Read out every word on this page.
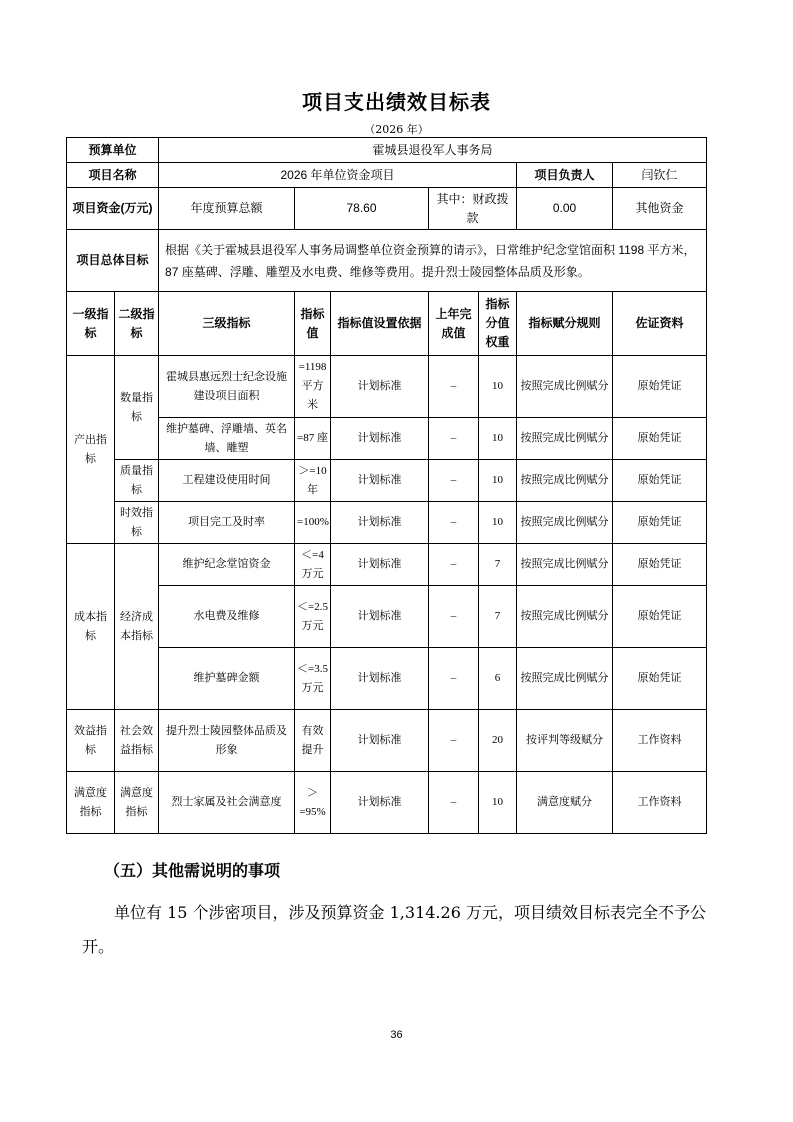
项目支出绩效目标表
（2026 年）
预算单位		霍城县退役军人事务局						
项目名称		2026 年单位资金项目					项目负责人	闫钦仁
项目资金(万元)		年度预算总额	78.60		其中：财政拨款		0.00	其他资金
项目总体目标		根据《关于霍城县退役军人事务局调整单位资金预算的请示》，日常维护纪念堂馆面积 1198 平方米，87 座墓碑、浮雕、雕塑及水电费、维修等费用。提升烈士陵园整体品质及形象。						
一级指标	二级指标	三级指标	指标值	指标值设置依据	上年完成值	指标分值权重	指标赋分规则	佐证资料
产出指标	数量指标	霍城县惠远烈士纪念设施建设项目面积	=1198平方米	计划标准	–	10	按照完成比例赋分	原始凭证
		维护墓碑、浮雕墙、英名墙、雕塑	=87 座	计划标准	–	10	按照完成比例赋分	原始凭证
	质量指标	工程建设使用时间	＞=10年	计划标准	–	10	按照完成比例赋分	原始凭证
	时效指标	项目完工及时率	=100%	计划标准	–	10	按照完成比例赋分	原始凭证
成本指标	经济成本指标	维护纪念堂馆资金	＜=4万元	计划标准	–	7	按照完成比例赋分	原始凭证
		水电费及维修	＜=2.5万元	计划标准	–	7	按照完成比例赋分	原始凭证
		维护墓碑金额	＜=3.5万元	计划标准	–	6	按照完成比例赋分	原始凭证
效益指标	社会效益指标	提升烈士陵园整体品质及形象	有效提升	计划标准	–	20	按评判等级赋分	工作资料
满意度指标	满意度指标	烈士家属及社会满意度	＞=95%	计划标准	–	10	满意度赋分	工作资料
（五）其他需说明的事项
单位有 15 个涉密项目，涉及预算资金 1,314.26 万元，项目绩效目标表完全不予公开。
36
